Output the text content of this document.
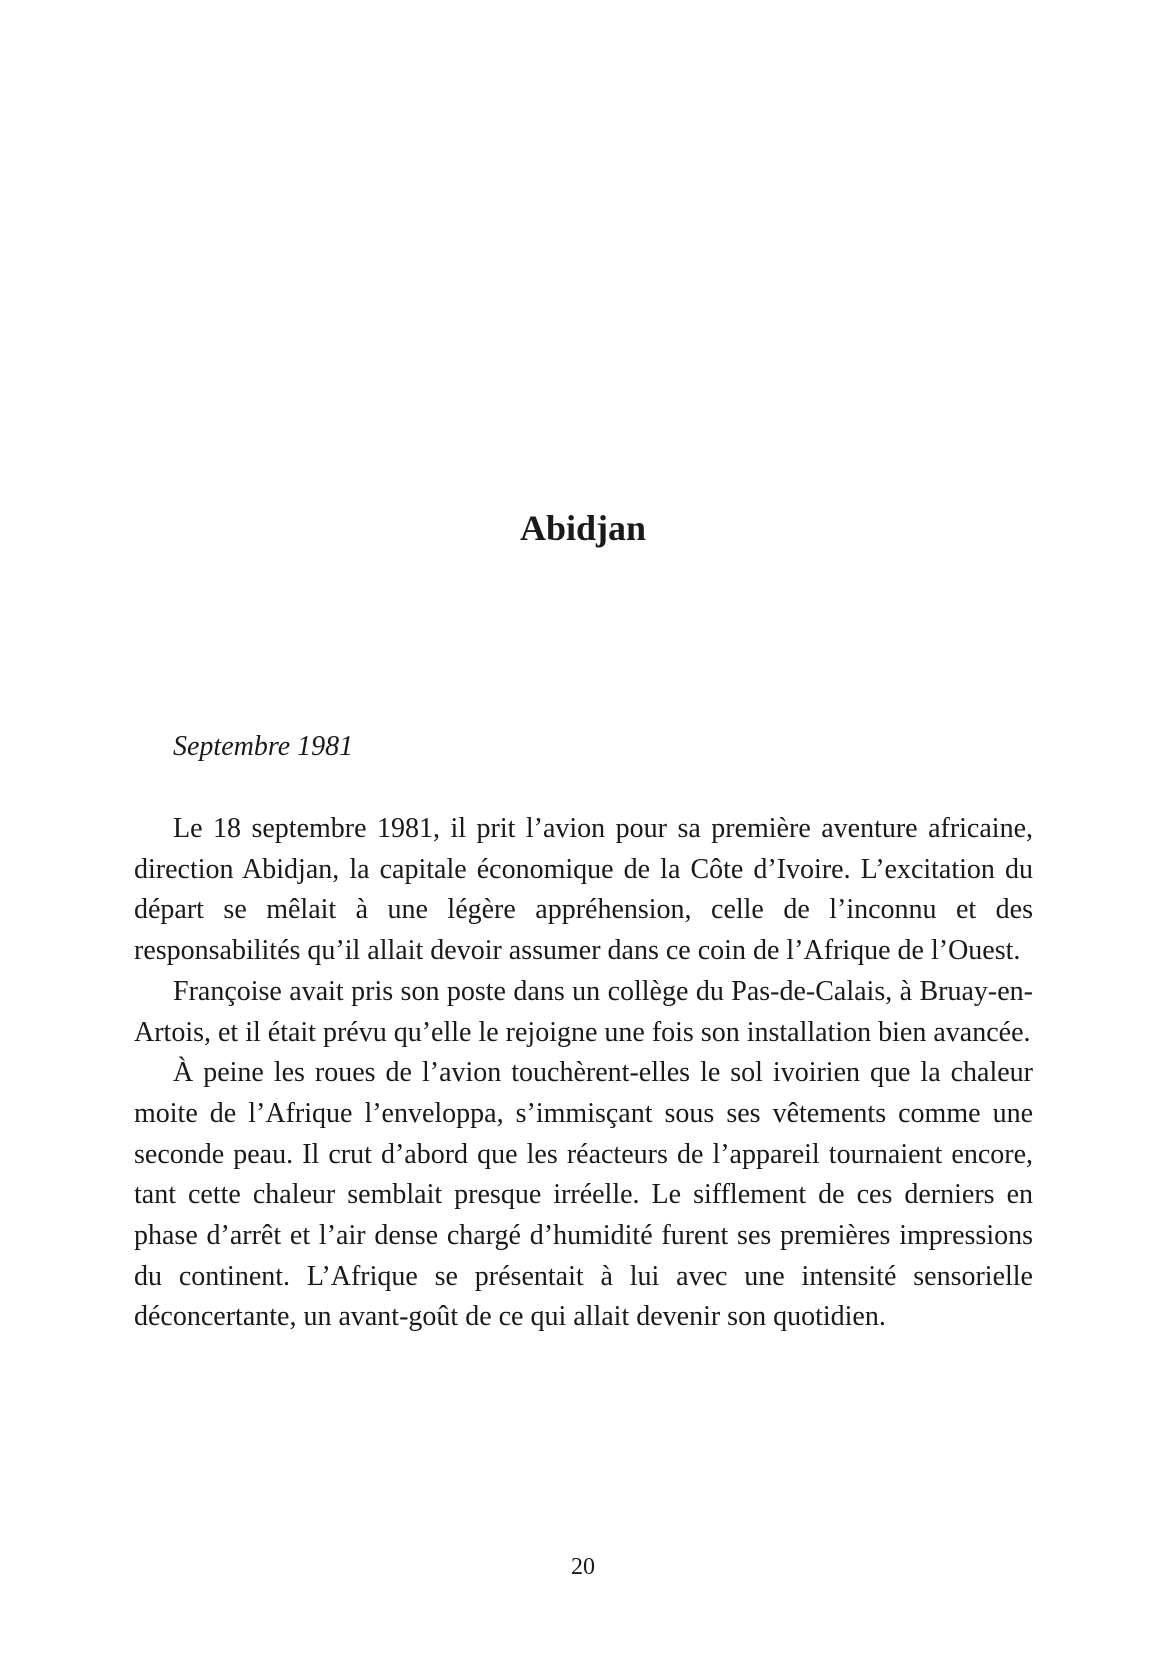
Abidjan

Septembre 1981

Le 18 septembre 1981, il prit l’avion pour sa première aventure africaine, direction Abidjan, la capitale économique de la Côte d’Ivoire. L’excitation du départ se mêlait à une légère appréhension, celle de l’inconnu et des responsabilités qu’il allait devoir assumer dans ce coin de l’Afrique de l’Ouest.

Françoise avait pris son poste dans un collège du Pas-de-Calais, à Bruay-en-Artois, et il était prévu qu’elle le rejoigne une fois son installation bien avancée.

À peine les roues de l’avion touchèrent-elles le sol ivoirien que la chaleur moite de l’Afrique l’enveloppa, s’immisçant sous ses vêtements comme une seconde peau. Il crut d’abord que les réacteurs de l’appareil tournaient encore, tant cette chaleur semblait presque irréelle. Le sifflement de ces derniers en phase d’arrêt et l’air dense chargé d’humidité furent ses premières impressions du continent. L’Afrique se présentait à lui avec une intensité sensorielle déconcertante, un avant-goût de ce qui allait devenir son quotidien.

20
